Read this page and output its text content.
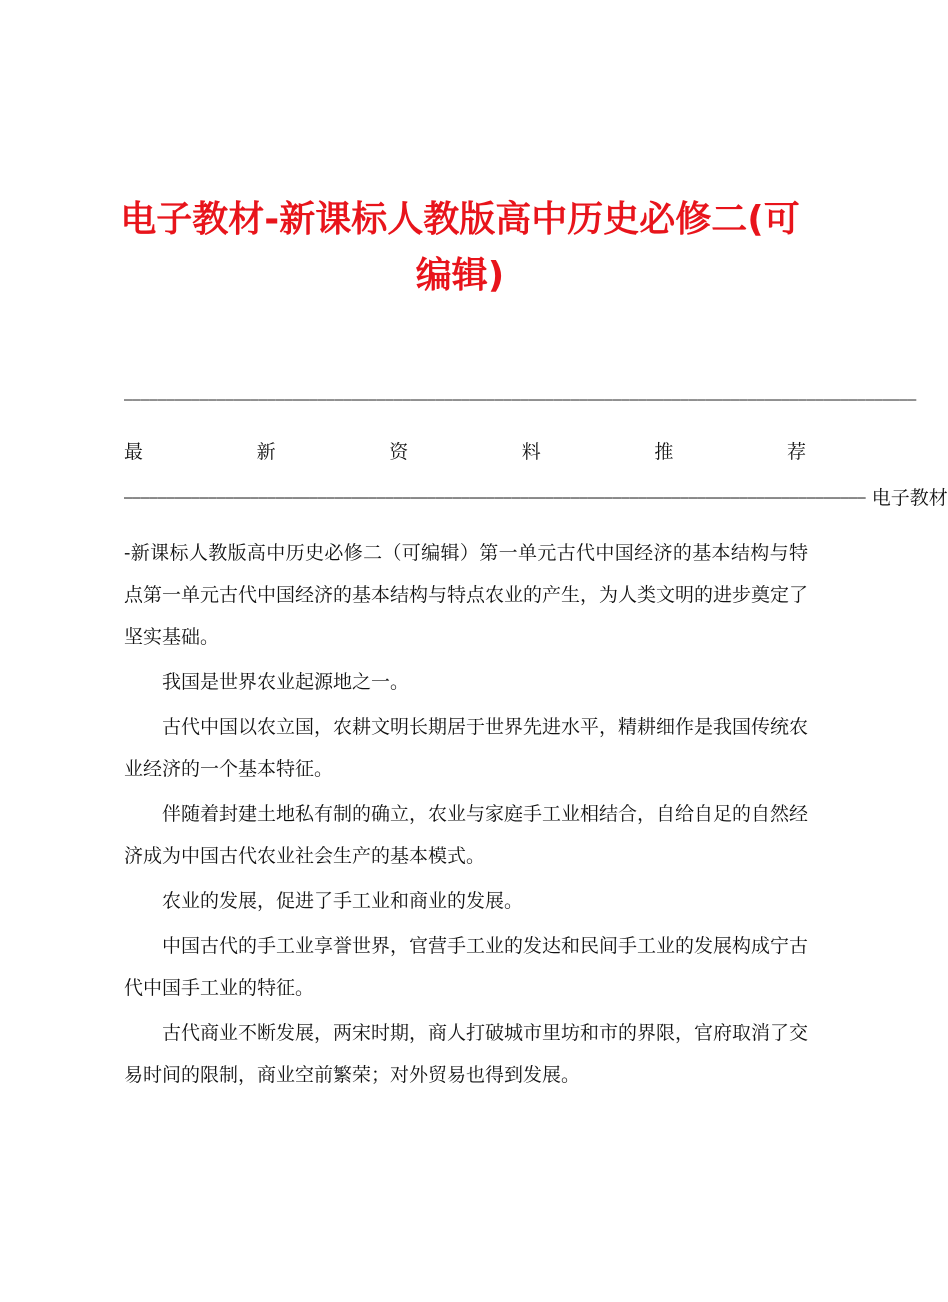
电子教材-新课标人教版高中历史必修二(可编辑)
——————————————————————————————————————————————————————————————————————————————————————————————
最	新	资	料	推	荐
———————————————————————————————————————————————————————————————————————————————————————— 电子教材

-新课标人教版高中历史必修二（可编辑）第一单元古代中国经济的基本结构与特点第一单元古代中国经济的基本结构与特点农业的产生，为人类文明的进步奠定了坚实基础。

我国是世界农业起源地之一。

古代中国以农立国，农耕文明长期居于世界先进水平，精耕细作是我国传统农业经济的一个基本特征。

伴随着封建土地私有制的确立，农业与家庭手工业相结合，自给自足的自然经济成为中国古代农业社会生产的基本模式。

农业的发展，促进了手工业和商业的发展。

中国古代的手工业享誉世界，官营手工业的发达和民间手工业的发展构成宁古代中国手工业的特征。

古代商业不断发展，两宋时期，商人打破城市里坊和市的界限，官府取消了交易时间的限制，商业空前繁荣；对外贸易也得到发展。
